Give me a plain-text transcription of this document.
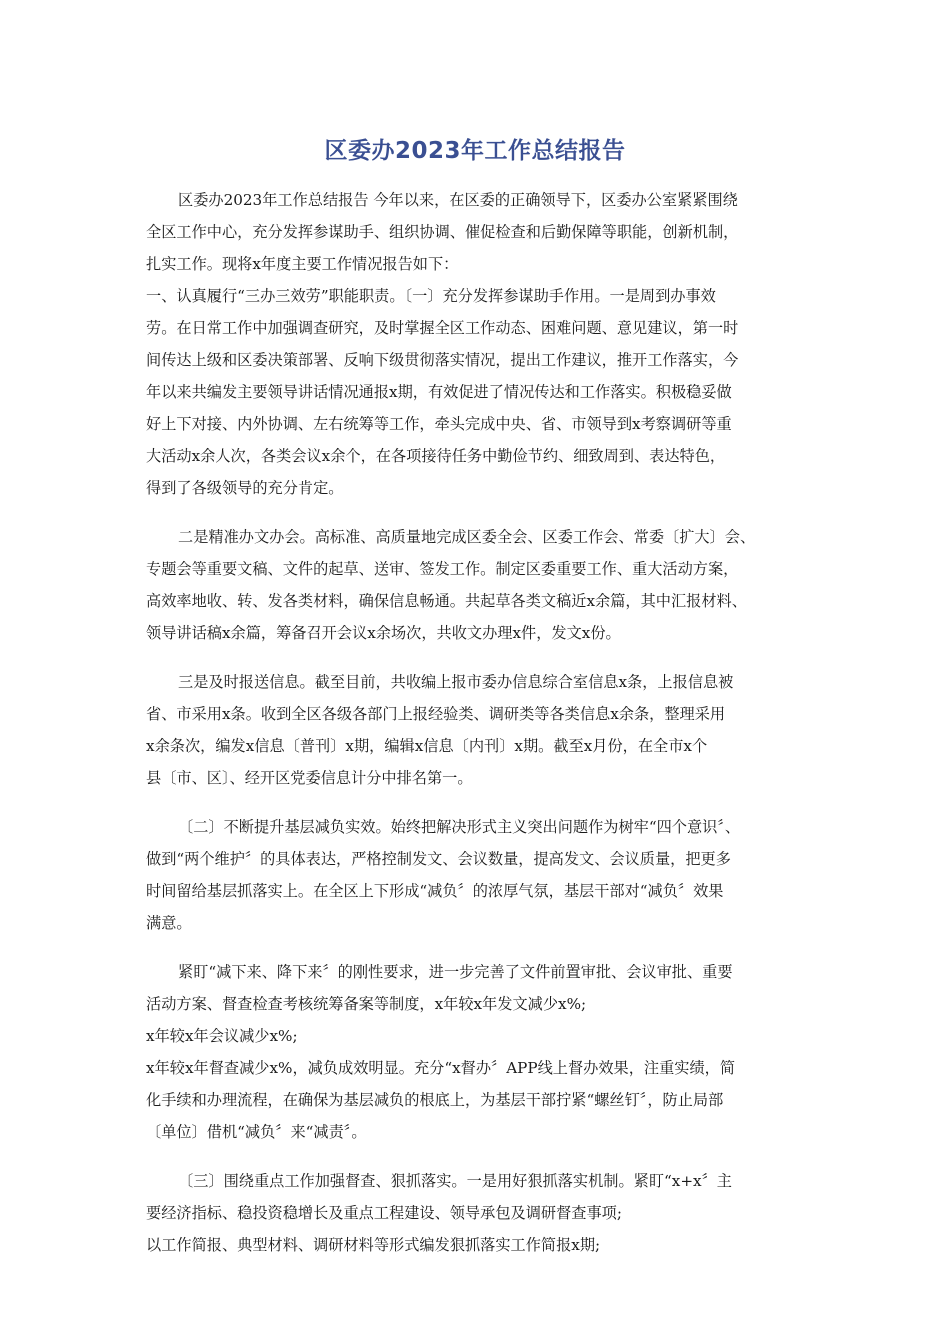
区委办2023年工作总结报告
区委办2023年工作总结报告 今年以来，在区委的正确领导下，区委办公室紧紧围绕
全区工作中心，充分发挥参谋助手、组织协调、催促检查和后勤保障等职能，创新机制，
扎实工作。现将x年度主要工作情况报告如下：
一、认真履行“三办三效劳”职能职责。〔一〕充分发挥参谋助手作用。一是周到办事效
劳。在日常工作中加强调查研究，及时掌握全区工作动态、困难问题、意见建议，第一时
间传达上级和区委决策部署、反响下级贯彻落实情况，提出工作建议，推开工作落实，今
年以来共编发主要领导讲话情况通报x期，有效促进了情况传达和工作落实。积极稳妥做
好上下对接、内外协调、左右统筹等工作，牵头完成中央、省、市领导到x考察调研等重
大活动x余人次，各类会议x余个，在各项接待任务中勤俭节约、细致周到、表达特色，
得到了各级领导的充分肯定。
二是精准办文办会。高标准、高质量地完成区委全会、区委工作会、常委〔扩大〕会、
专题会等重要文稿、文件的起草、送审、签发工作。制定区委重要工作、重大活动方案，
高效率地收、转、发各类材料，确保信息畅通。共起草各类文稿近x余篇，其中汇报材料、
领导讲话稿x余篇，筹备召开会议x余场次，共收文办理x件，发文x份。
三是及时报送信息。截至目前，共收编上报市委办信息综合室信息x条，上报信息被
省、市采用x条。收到全区各级各部门上报经验类、调研类等各类信息x余条，整理采用
x余条次，编发x信息〔普刊〕x期，编辑x信息〔内刊〕x期。截至x月份，在全市x个
县〔市、区〕、经开区党委信息计分中排名第一。
〔二〕不断提升基层减负实效。始终把解决形式主义突出问题作为树牢“四个意识〞、
做到“两个维护〞的具体表达，严格控制发文、会议数量，提高发文、会议质量，把更多
时间留给基层抓落实上。在全区上下形成“减负〞的浓厚气氛，基层干部对“减负〞效果
满意。
紧盯“减下来、降下来〞的刚性要求，进一步完善了文件前置审批、会议审批、重要
活动方案、督查检查考核统筹备案等制度，x年较x年发文减少x%;
x年较x年会议减少x%;
x年较x年督查减少x%，减负成效明显。充分“x督办〞APP线上督办效果，注重实绩，简
化手续和办理流程，在确保为基层减负的根底上，为基层干部拧紧“螺丝钉〞，防止局部
〔单位〕借机“减负〞来“减责〞。
〔三〕围绕重点工作加强督查、狠抓落实。一是用好狠抓落实机制。紧盯“x+x〞主
要经济指标、稳投资稳增长及重点工程建设、领导承包及调研督查事项;
以工作简报、典型材料、调研材料等形式编发狠抓落实工作简报x期;
